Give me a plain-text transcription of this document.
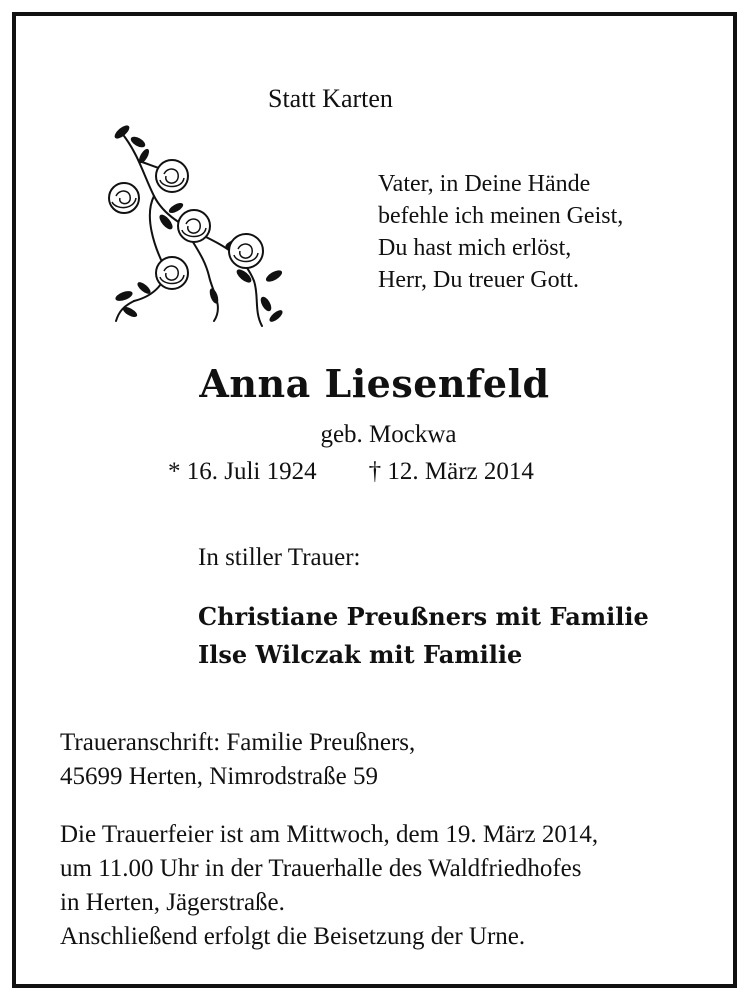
Statt Karten
Vater, in Deine Hände
befehle ich meinen Geist,
Du hast mich erlöst,
Herr, Du treuer Gott.
Anna Liesenfeld
geb. Mockwa
* 16. Juli 1924 † 12. März 2014
In stiller Trauer:
Christiane Preußners mit Familie
Ilse Wilczak mit Familie
Traueranschrift: Familie Preußners,
45699 Herten, Nimrodstraße 59
Die Trauerfeier ist am Mittwoch, dem 19. März 2014,
um 11.00 Uhr in der Trauerhalle des Waldfriedhofes
in Herten, Jägerstraße.
Anschließend erfolgt die Beisetzung der Urne.
